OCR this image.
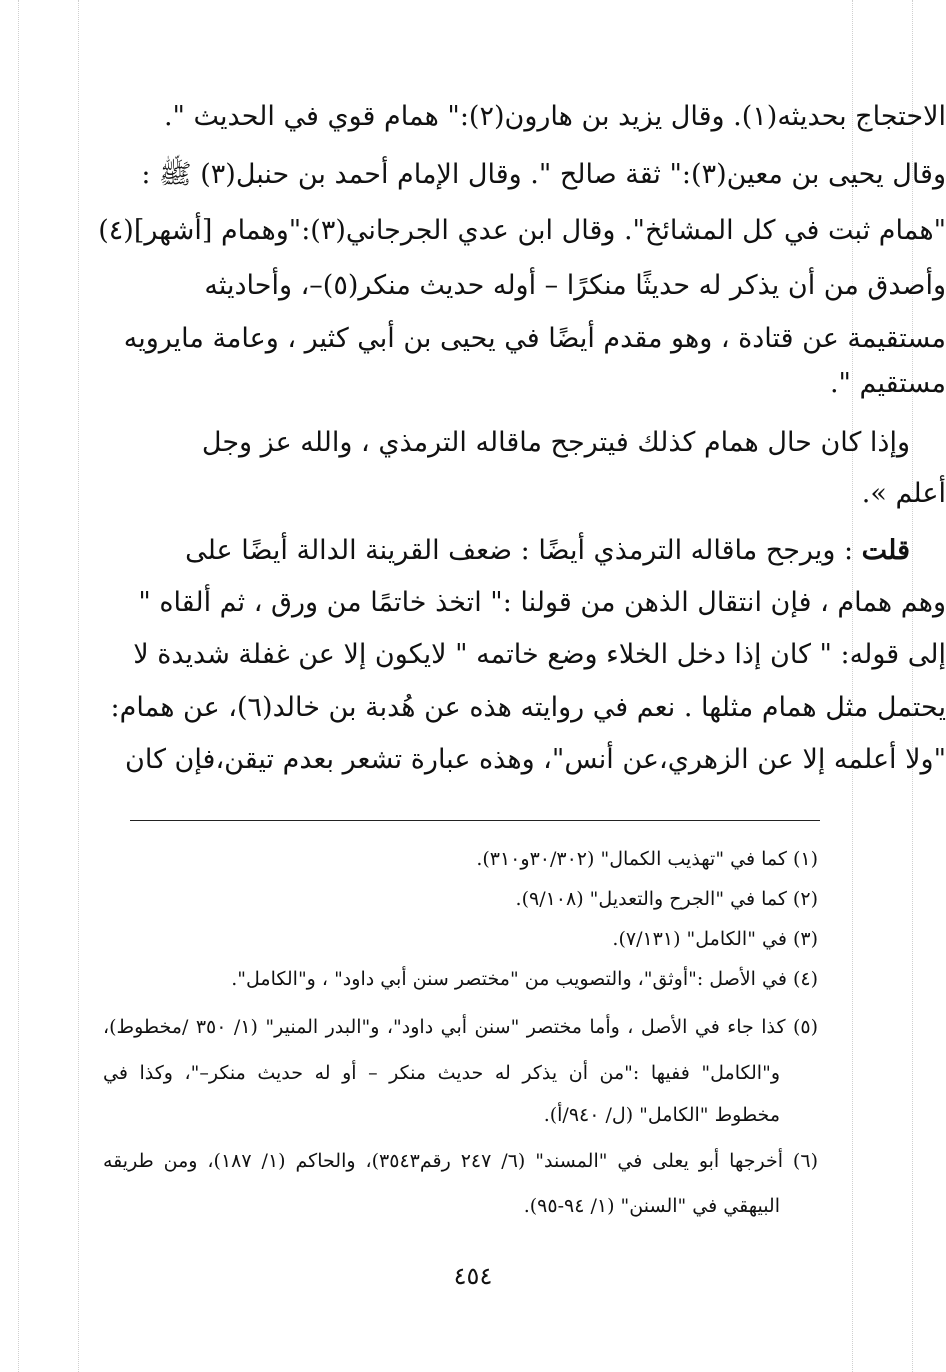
الاحتجاج بحديثه(١). وقال يزيد بن هارون(٢):" همام قوي في الحديث ".
وقال يحيى بن معين(٣):" ثقة صالح ". وقال الإمام أحمد بن حنبل(٣) ﷺ :
"همام ثبت في كل المشائخ". وقال ابن عدي الجرجاني(٣):"وهمام [أشهر](٤)
وأصدق من أن يذكر له حديثًا منكرًا – أوله حديث منكر(٥)–، وأحاديثه
مستقيمة عن قتادة ، وهو مقدم أيضًا في يحيى بن أبي كثير ، وعامة مايرويه
مستقيم ".
وإذا كان حال همام كذلك فيترجح ماقاله الترمذي ، والله عز وجل
أعلم ».
قلت : ويرجح ماقاله الترمذي أيضًا : ضعف القرينة الدالة أيضًا على
وهم همام ، فإن انتقال الذهن من قولنا :" اتخذ خاتمًا من ورق ، ثم ألقاه "
إلى قوله: " كان إذا دخل الخلاء وضع خاتمه " لايكون إلا عن غفلة شديدة لا
يحتمل مثل همام مثلها . نعم في روايته هذه عن هُدبة بن خالد(٦)، عن همام:
"ولا أعلمه إلا عن الزهري،عن أنس"، وهذه عبارة تشعر بعدم تيقن،فإن كان
(١) كما في "تهذيب الكمال" (٣٠/٣٠٢و٣١٠).
(٢) كما في "الجرح والتعديل" (٩/١٠٨).
(٣) في "الكامل" (٧/١٣١).
(٤) في الأصل :"أوثق"، والتصويب من "مختصر سنن أبي داود" ، و"الكامل".
(٥) كذا جاء في الأصل ، وأما مختصر "سنن أبي داود"، و"البدر المنير" (١/ ٣٥٠ /مخطوط)،
و"الكامل" ففيها :"من أن يذكر له حديث منكر – أو له حديث منكر–"، وكذا في
مخطوط "الكامل" (ل/ ٩٤٠/أ).
(٦) أخرجها أبو يعلى في "المسند" (٦/ ٢٤٧ رقم٣٥٤٣)، والحاكم (١/ ١٨٧)، ومن طريقه
البيهقي في "السنن" (١/ ٩٤-٩٥).
٤٥٤
